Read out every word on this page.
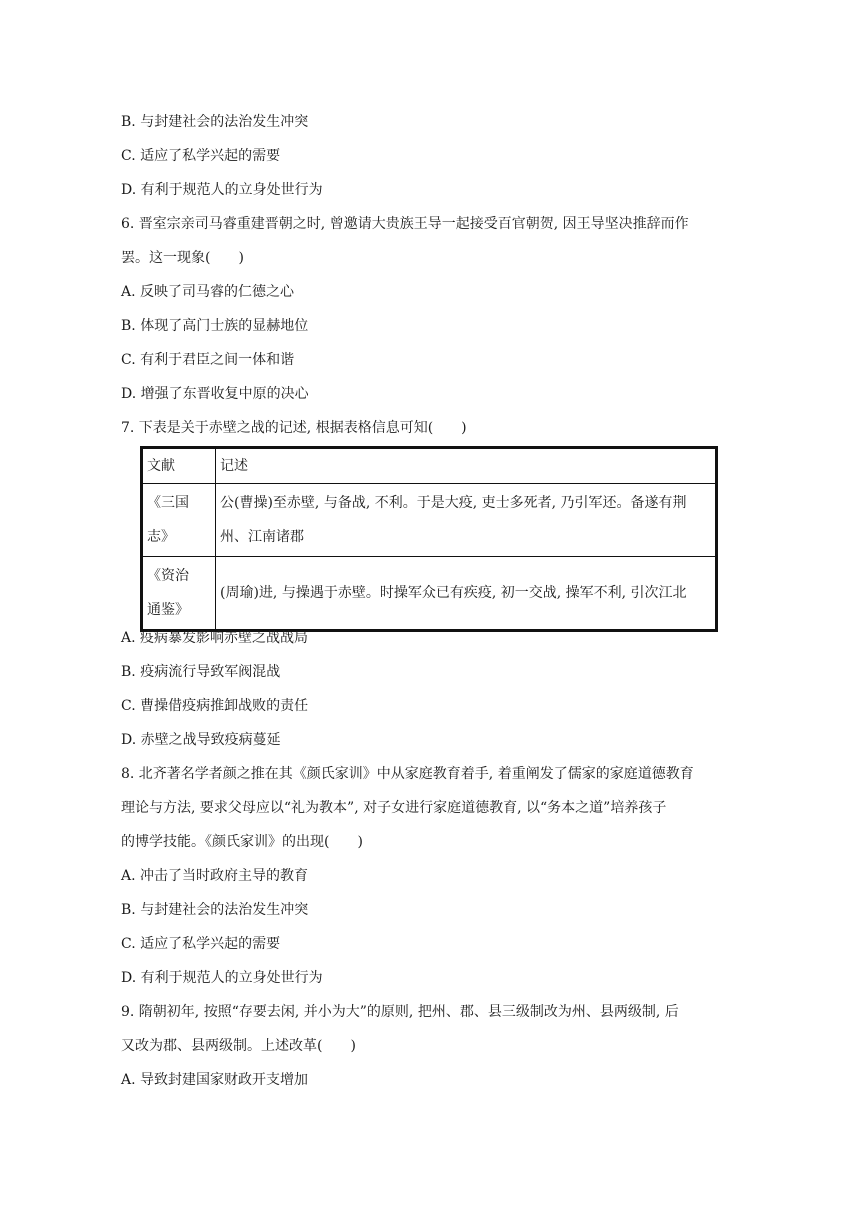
B. 与封建社会的法治发生冲突
C. 适应了私学兴起的需要
D. 有利于规范人的立身处世行为
6. 晋室宗亲司马睿重建晋朝之时, 曾邀请大贵族王导一起接受百官朝贺, 因王导坚决推辞而作
罢。这一现象(　　)
A. 反映了司马睿的仁德之心
B. 体现了高门士族的显赫地位
C. 有利于君臣之间一体和谐
D. 增强了东晋收复中原的决心
7. 下表是关于赤壁之战的记述, 根据表格信息可知(　　)
文献	记述
《三国
志》	公(曹操)至赤壁, 与备战, 不利。于是大疫, 吏士多死者, 乃引军还。备遂有荆
州、江南诸郡
《资治
通鉴》	(周瑜)进, 与操遇于赤壁。时操军众已有疾疫, 初一交战, 操军不利, 引次江北
A. 疫病暴发影响赤壁之战战局
B. 疫病流行导致军阀混战
C. 曹操借疫病推卸战败的责任
D. 赤壁之战导致疫病蔓延
8. 北齐著名学者颜之推在其《颜氏家训》中从家庭教育着手, 着重阐发了儒家的家庭道德教育
理论与方法, 要求父母应以“礼为教本”, 对子女进行家庭道德教育, 以“务本之道”培养孩子
的博学技能。《颜氏家训》的出现(　　)
A. 冲击了当时政府主导的教育
B. 与封建社会的法治发生冲突
C. 适应了私学兴起的需要
D. 有利于规范人的立身处世行为
9. 隋朝初年, 按照“存要去闲, 并小为大”的原则, 把州、郡、县三级制改为州、县两级制, 后
又改为郡、县两级制。上述改革(　　)
A. 导致封建国家财政开支增加
